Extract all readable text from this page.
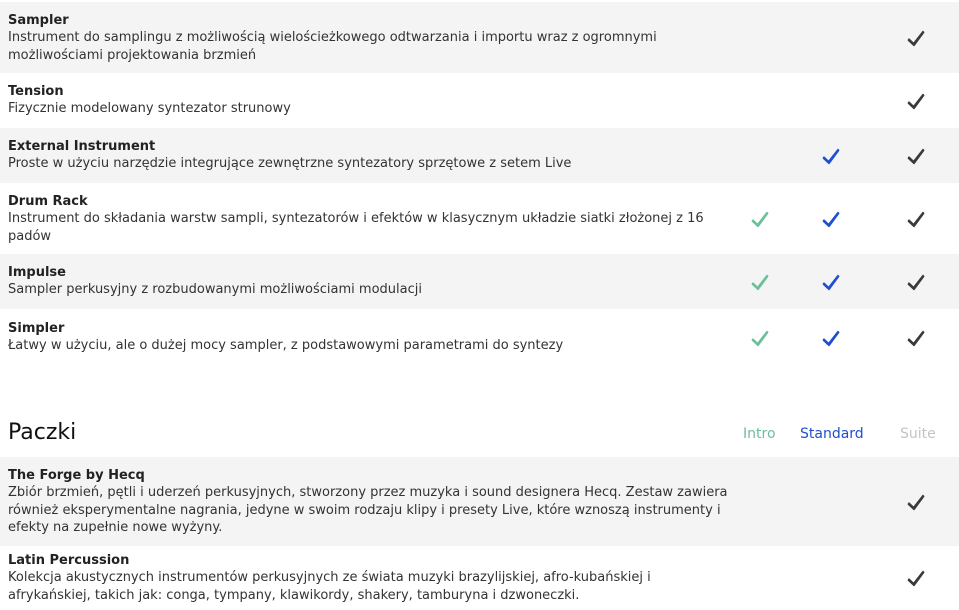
Sampler
Instrument do samplingu z możliwością wielościeżkowego odtwarzania i importu wraz z ogromnymi
możliwościami projektowania brzmień
Tension
Fizycznie modelowany syntezator strunowy
External Instrument
Proste w użyciu narzędzie integrujące zewnętrzne syntezatory sprzętowe z setem Live
Drum Rack
Instrument do składania warstw sampli, syntezatorów i efektów w klasycznym układzie siatki złożonej z 16
padów
Impulse
Sampler perkusyjny z rozbudowanymi możliwościami modulacji
Simpler
Łatwy w użyciu, ale o dużej mocy sampler, z podstawowymi parametrami do syntezy
Paczki	Intro Standard	Suite
The Forge by Hecq
Zbiór brzmień, pętli i uderzeń perkusyjnych, stworzony przez muzyka i sound designera Hecq. Zestaw zawiera
również eksperymentalne nagrania, jedyne w swoim rodzaju klipy i presety Live, które wznoszą instrumenty i
efekty na zupełnie nowe wyżyny.
Latin Percussion
Kolekcja akustycznych instrumentów perkusyjnych ze świata muzyki brazylijskiej, afro-kubańskiej i
afrykańskiej, takich jak: conga, tympany, klawikordy, shakery, tamburyna i dzwoneczki.
